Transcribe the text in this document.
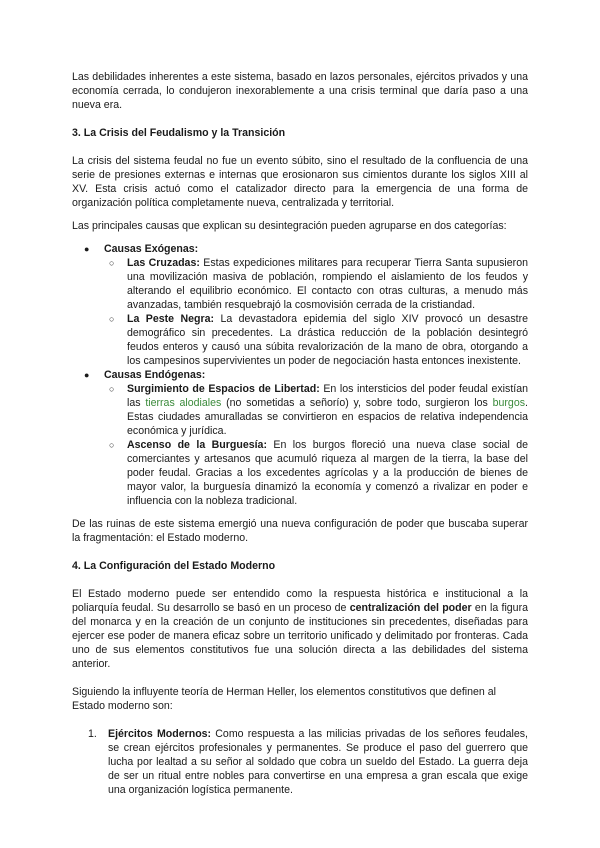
Las debilidades inherentes a este sistema, basado en lazos personales, ejércitos privados y una economía cerrada, lo condujeron inexorablemente a una crisis terminal que daría paso a una nueva era.

3. La Crisis del Feudalismo y la Transición

La crisis del sistema feudal no fue un evento súbito, sino el resultado de la confluencia de una serie de presiones externas e internas que erosionaron sus cimientos durante los siglos XIII al XV. Esta crisis actuó como el catalizador directo para la emergencia de una forma de organización política completamente nueva, centralizada y territorial.

Las principales causas que explican su desintegración pueden agruparse en dos categorías:

● Causas Exógenas:
○ Las Cruzadas: Estas expediciones militares para recuperar Tierra Santa supusieron una movilización masiva de población, rompiendo el aislamiento de los feudos y alterando el equilibrio económico. El contacto con otras culturas, a menudo más avanzadas, también resquebrajó la cosmovisión cerrada de la cristiandad.
○ La Peste Negra: La devastadora epidemia del siglo XIV provocó un desastre demográfico sin precedentes. La drástica reducción de la población desintegró feudos enteros y causó una súbita revalorización de la mano de obra, otorgando a los campesinos supervivientes un poder de negociación hasta entonces inexistente.
● Causas Endógenas:
○ Surgimiento de Espacios de Libertad: En los intersticios del poder feudal existían las tierras alodiales (no sometidas a señorío) y, sobre todo, surgieron los burgos. Estas ciudades amuralladas se convirtieron en espacios de relativa independencia económica y jurídica.
○ Ascenso de la Burguesía: En los burgos floreció una nueva clase social de comerciantes y artesanos que acumuló riqueza al margen de la tierra, la base del poder feudal. Gracias a los excedentes agrícolas y a la producción de bienes de mayor valor, la burguesía dinamizó la economía y comenzó a rivalizar en poder e influencia con la nobleza tradicional.

De las ruinas de este sistema emergió una nueva configuración de poder que buscaba superar la fragmentación: el Estado moderno.

4. La Configuración del Estado Moderno

El Estado moderno puede ser entendido como la respuesta histórica e institucional a la poliarquía feudal. Su desarrollo se basó en un proceso de centralización del poder en la figura del monarca y en la creación de un conjunto de instituciones sin precedentes, diseñadas para ejercer ese poder de manera eficaz sobre un territorio unificado y delimitado por fronteras. Cada uno de sus elementos constitutivos fue una solución directa a las debilidades del sistema anterior.

Siguiendo la influyente teoría de Herman Heller, los elementos constitutivos que definen al Estado moderno son:

1. Ejércitos Modernos: Como respuesta a las milicias privadas de los señores feudales, se crean ejércitos profesionales y permanentes. Se produce el paso del guerrero que lucha por lealtad a su señor al soldado que cobra un sueldo del Estado. La guerra deja de ser un ritual entre nobles para convertirse en una empresa a gran escala que exige una organización logística permanente.
